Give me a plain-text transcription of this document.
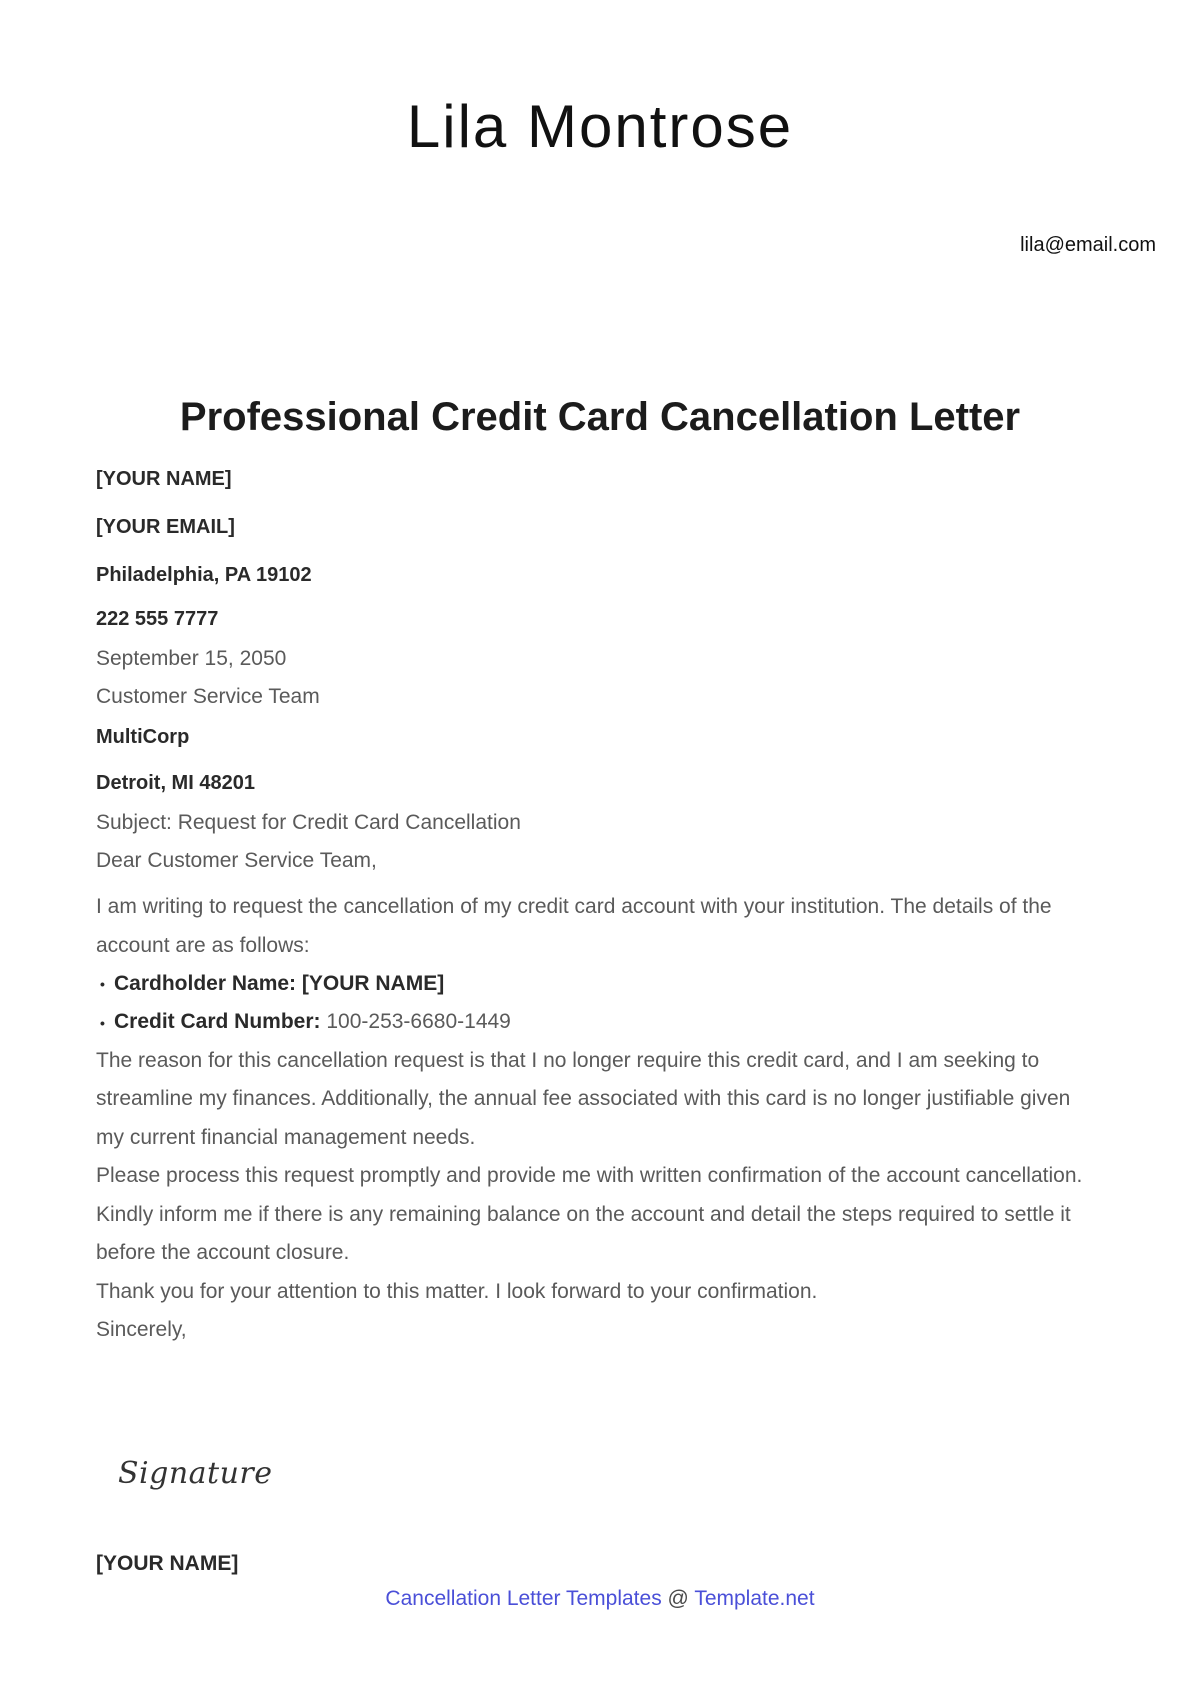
Lila Montrose
lila@email.com
Professional Credit Card Cancellation Letter
[YOUR NAME]
[YOUR EMAIL]
Philadelphia, PA 19102
222 555 7777
September 15, 2050
Customer Service Team
MultiCorp
Detroit, MI 48201
Subject: Request for Credit Card Cancellation
Dear Customer Service Team,

I am writing to request the cancellation of my credit card account with your institution. The details of the account are as follows:

• Cardholder Name: [YOUR NAME]
• Credit Card Number: 100-253-6680-1449

The reason for this cancellation request is that I no longer require this credit card, and I am seeking to streamline my finances. Additionally, the annual fee associated with this card is no longer justifiable given my current financial management needs.

Please process this request promptly and provide me with written confirmation of the account cancellation. Kindly inform me if there is any remaining balance on the account and detail the steps required to settle it before the account closure.

Thank you for your attention to this matter. I look forward to your confirmation.

Sincerely,

Signature
[YOUR NAME]
Cancellation Letter Templates @ Template.net
